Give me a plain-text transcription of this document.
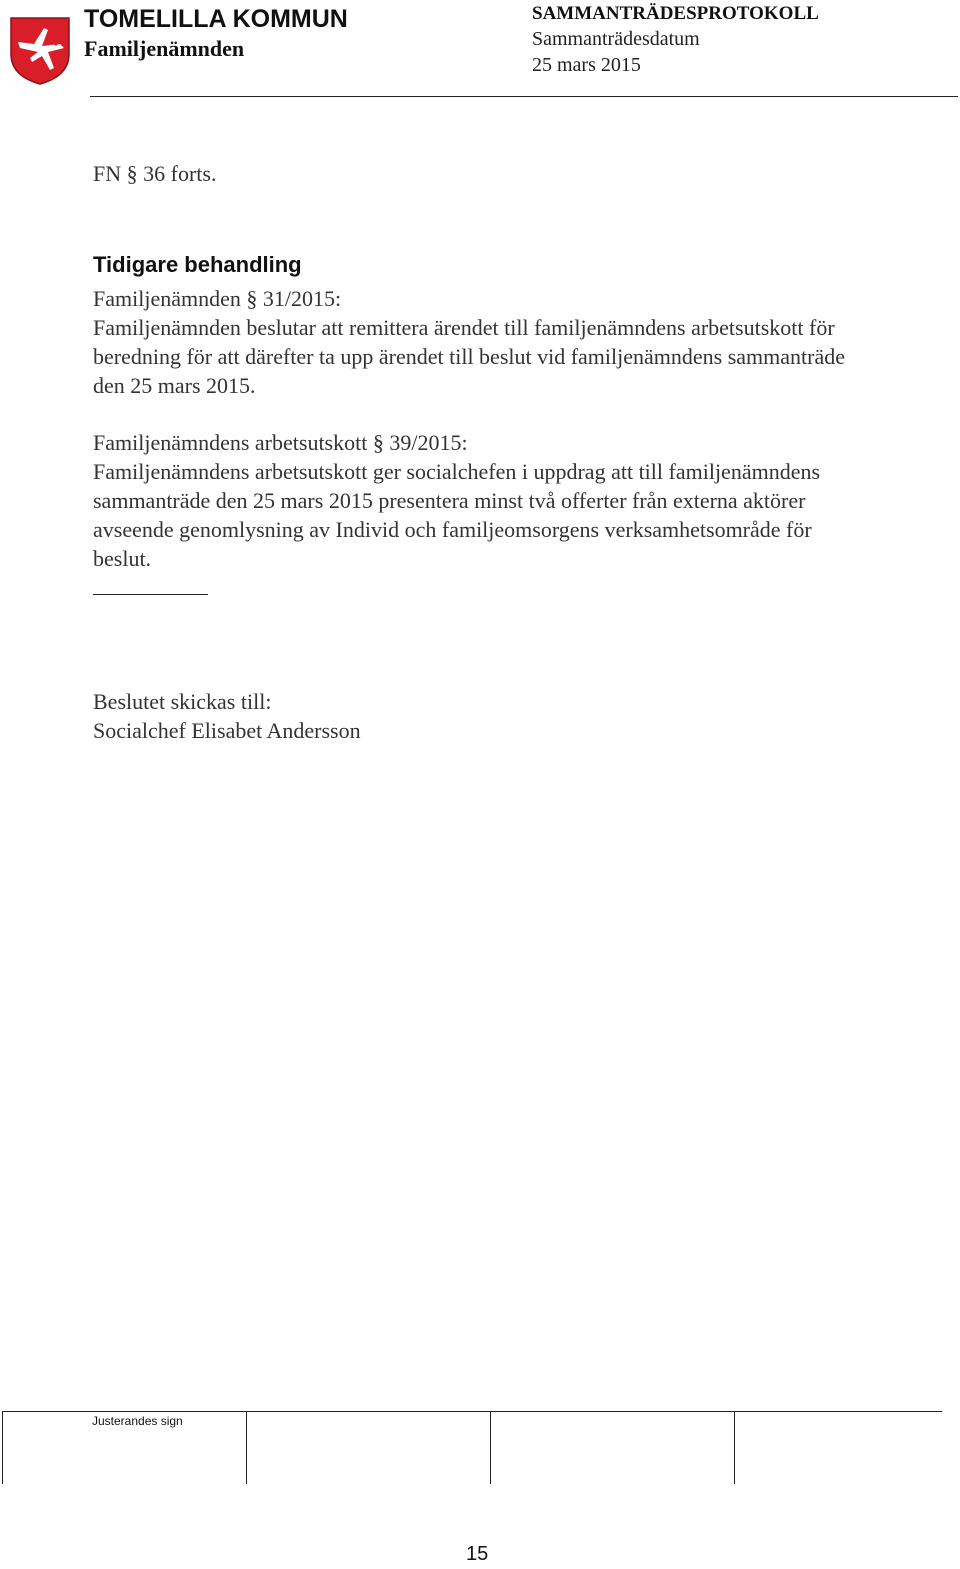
TOMELILLA KOMMUN
Familjenämnden
SAMMANTRÄDESPROTOKOLL
Sammanträdesdatum
25 mars 2015
FN § 36 forts.
Tidigare behandling

Familjenämnden § 31/2015:

Familjenämnden beslutar att remittera ärendet till familjenämndens arbetsutskott för beredning för att därefter ta upp ärendet till beslut vid familjenämndens sammanträde den 25 mars 2015.

Familjenämndens arbetsutskott § 39/2015:

Familjenämndens arbetsutskott ger socialchefen i uppdrag att till familjenämndens sammanträde den 25 mars 2015 presentera minst två offerter från externa aktörer avseende genomlysning av Individ och familjeomsorgens verksamhetsområde för beslut.

Beslutet skickas till:

Socialchef Elisabet Andersson

Justerandes sign
15
